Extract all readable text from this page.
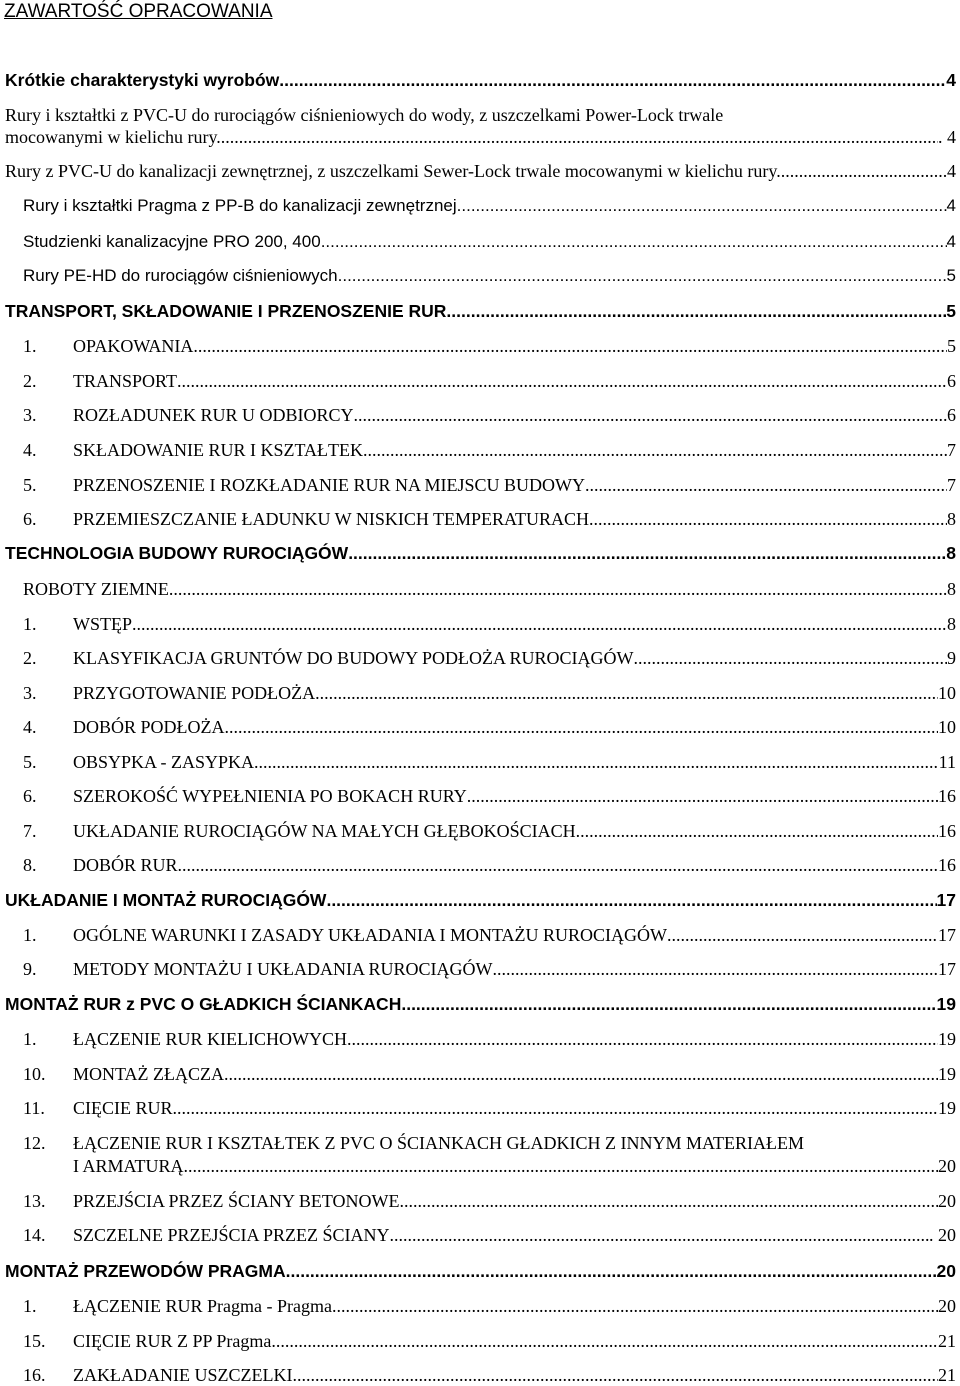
ZAWARTOŚĆ OPRACOWANIA
Krótkie charakterystyki wyrobów .....	4
Rury i kształtki z PVC-U do rurociągów ciśnieniowych do wody, z uszczelkami Power-Lock trwale
mocowanymi w kielichu rury. .....	. 4
Rury z PVC-U do kanalizacji zewnętrznej, z uszczelkami Sewer-Lock trwale mocowanymi w kielichu rury. .....	4
Rury i kształtki Pragma z PP-B do kanalizacji zewnętrznej. .....	4
Studzienki kanalizacyjne PRO 200, 400 .....	4
Rury PE-HD do rurociągów ciśnieniowych .....	5
TRANSPORT, SKŁADOWANIE I PRZENOSZENIE RUR .....	5
1.	OPAKOWANIA .....	5
2.	TRANSPORT .....	6
3.	ROZŁADUNEK RUR U ODBIORCY .....	6
4.	SKŁADOWANIE RUR I KSZTAŁTEK .....	7
5.	PRZENOSZENIE I ROZKŁADANIE RUR NA MIEJSCU BUDOWY .....	7
6.	PRZEMIESZCZANIE ŁADUNKU W NISKICH TEMPERATURACH .....	8
TECHNOLOGIA BUDOWY RUROCIĄGÓW .....	8
ROBOTY ZIEMNE .....	8
1.	WSTĘP .....	8
2.	KLASYFIKACJA GRUNTÓW DO BUDOWY PODŁOŻA RUROCIĄGÓW .....	9
3.	PRZYGOTOWANIE PODŁOŻA .....	10
4.	DOBÓR PODŁOŻA .....	10
5.	OBSYPKA - ZASYPKA .....	11
6.	SZEROKOŚĆ WYPEŁNIENIA PO BOKACH RURY .....	16
7.	UKŁADANIE RUROCIĄGÓW NA MAŁYCH GŁĘBOKOŚCIACH .....	16
8.	DOBÓR RUR .....	16
UKŁADANIE I MONTAŻ RUROCIĄGÓW .....	17
1.	OGÓLNE WARUNKI I ZASADY UKŁADANIA I MONTAŻU RUROCIĄGÓW .....	17
9.	METODY MONTAŻU I UKŁADANIA RUROCIĄGÓW .....	17
MONTAŻ RUR z PVC O GŁADKICH ŚCIANKACH .....	19
1.	ŁĄCZENIE RUR KIELICHOWYCH .....	19
10.	MONTAŻ ZŁĄCZA .....	19
11.	CIĘCIE RUR .....	19
12.	ŁĄCZENIE RUR I KSZTAŁTEK Z PVC O ŚCIANKACH GŁADKICH Z INNYM MATERIAŁEM
I ARMATURĄ .....	20
13.	PRZEJŚCIA PRZEZ ŚCIANY BETONOWE .....	20
14.	SZCZELNE PRZEJŚCIA PRZEZ ŚCIANY .....	. 20
MONTAŻ PRZEWODÓW PRAGMA .....	20
1.	ŁĄCZENIE RUR Pragma - Pragma .....	20
15.	CIĘCIE RUR Z PP Pragma .....	21
16.	ZAKŁADANIE USZCZELKI .....	21
